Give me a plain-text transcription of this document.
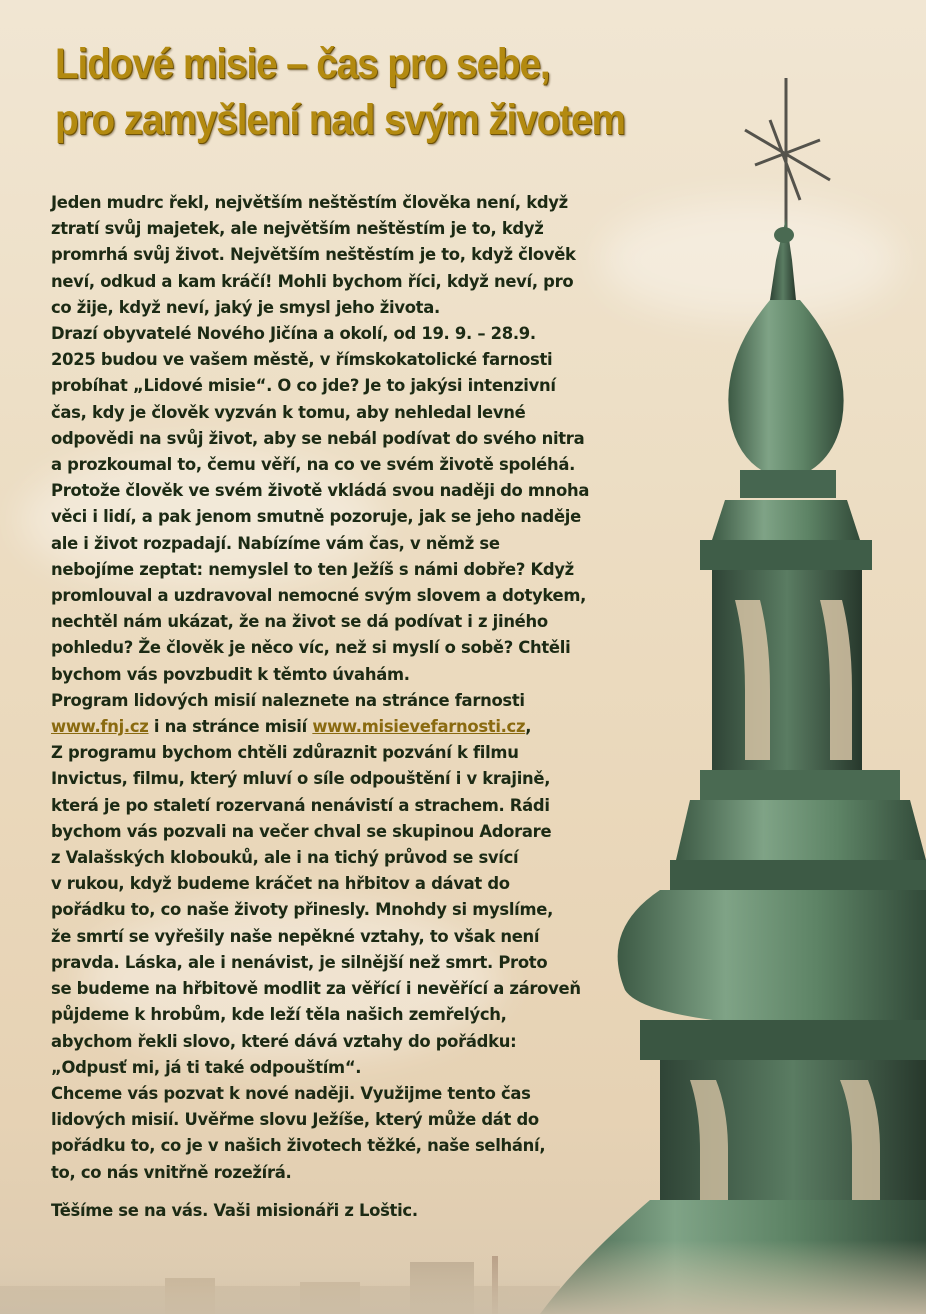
Lidové misie – čas pro sebe,
pro zamyšlení nad svým životem

Jeden mudrc řekl, největším neštěstím člověka není, když

ztratí svůj majetek, ale největším neštěstím je to, když

promrhá svůj život. Největším neštěstím je to, když člověk

neví, odkud a kam kráčí! Mohli bychom říci, když neví, pro

co žije, když neví, jaký je smysl jeho života.

Drazí obyvatelé Nového Jičína a okolí, od 19. 9. – 28.9.

2025 budou ve vašem městě, v římskokatolické farnosti

probíhat „Lidové misie“. O co jde? Je to jakýsi intenzivní

čas, kdy je člověk vyzván k tomu, aby nehledal levné

odpovědi na svůj život, aby se nebál podívat do svého nitra

a prozkoumal to, čemu věří, na co ve svém životě spoléhá.

Protože člověk ve svém životě vkládá svou naději do mnoha

věci i lidí, a pak jenom smutně pozoruje, jak se jeho naděje

ale i život rozpadají. Nabízíme vám čas, v němž se

nebojíme zeptat: nemyslel to ten Ježíš s námi dobře? Když

promlouval a uzdravoval nemocné svým slovem a dotykem,

nechtěl nám ukázat, že na život se dá podívat i z jiného

pohledu? Že člověk je něco víc, než si myslí o sobě? Chtěli

bychom vás povzbudit k těmto úvahám.

Program lidových misií naleznete na stránce farnosti

www.fnj.cz i na stránce misií www.misievefarnosti.cz,

Z programu bychom chtěli zdůraznit pozvání k filmu

Invictus, filmu, který mluví o síle odpouštění i v krajině,

která je po staletí rozervaná nenávistí a strachem. Rádi

bychom vás pozvali na večer chval se skupinou Adorare

z Valašských klobouků, ale i na tichý průvod se svící

v rukou, když budeme kráčet na hřbitov a dávat do

pořádku to, co naše životy přinesly. Mnohdy si myslíme,

že smrtí se vyřešily naše nepěkné vztahy, to však není

pravda. Láska, ale i nenávist, je silnější než smrt. Proto

se budeme na hřbitově modlit za věřící i nevěřící a zároveň

půjdeme k hrobům, kde leží těla našich zemřelých,

abychom řekli slovo, které dává vztahy do pořádku:

„Odpusť mi, já ti také odpouštím“.

Chceme vás pozvat k nové naději. Využijme tento čas

lidových misií. Uvěřme slovu Ježíše, který může dát do

pořádku to, co je v našich životech těžké, naše selhání,

to, co nás vnitřně rozežírá.

Těšíme se na vás. Vaši misionáři z Loštic.
